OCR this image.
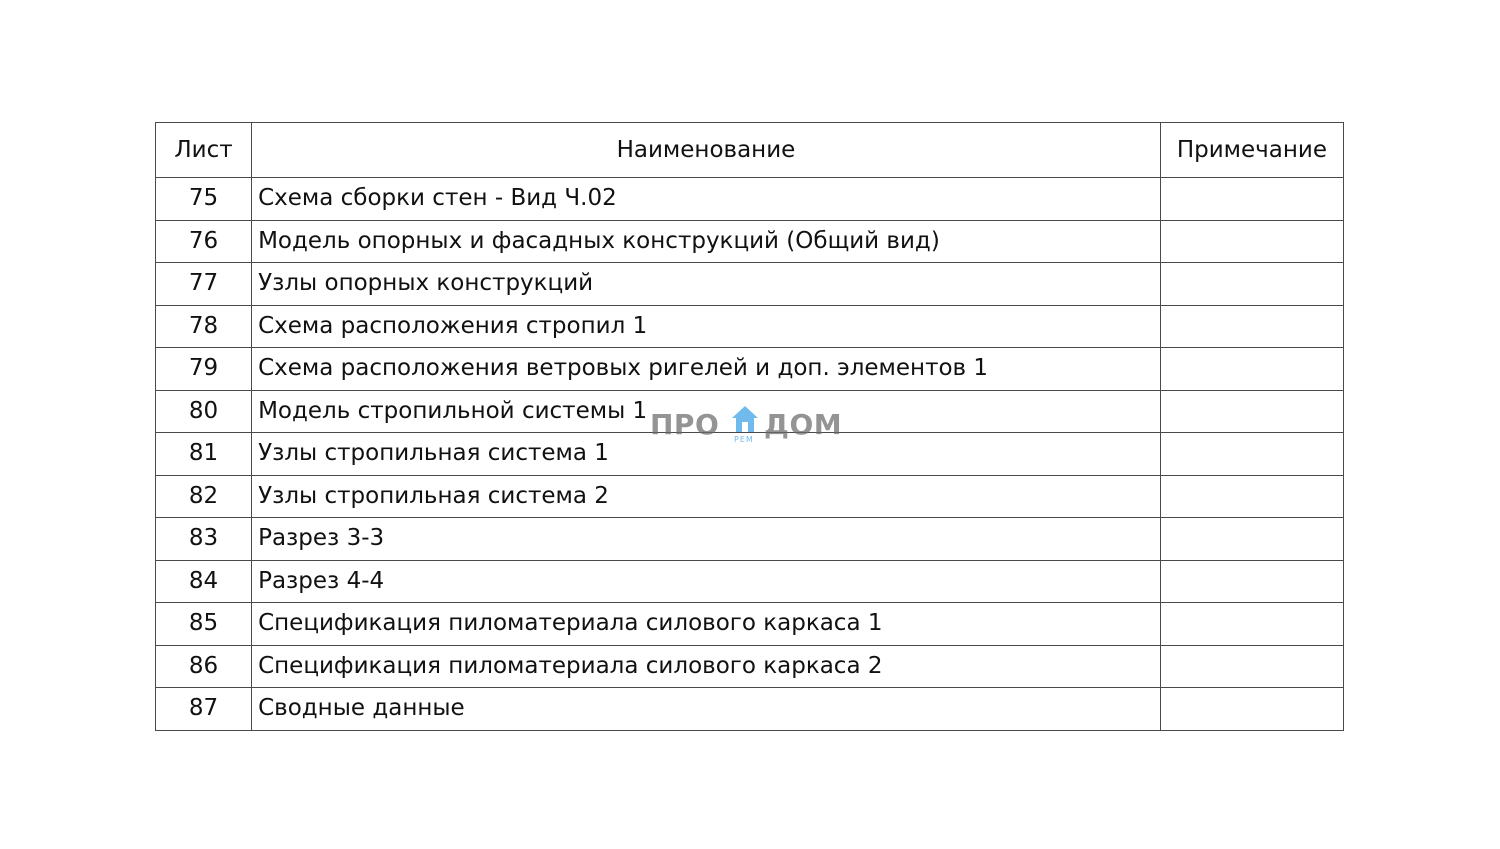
Лист	Наименование	Примечание
75	Схема сборки стен - Вид Ч.02	
76	Модель опорных и фасадных конструкций (Общий вид)	
77	Узлы опорных конструкций	
78	Схема расположения стропил 1	
79	Схема расположения ветровых ригелей и доп. элементов 1	
80	Модель стропильной системы 1	
81	Узлы стропильная система 1	
82	Узлы стропильная система 2	
83	Разрез 3-3	
84	Разрез 4-4	
85	Спецификация пиломатериала силового каркаса 1	
86	Спецификация пиломатериала силового каркаса 2	
87	Сводные данные	
ПРО РЕМ ДОМ
